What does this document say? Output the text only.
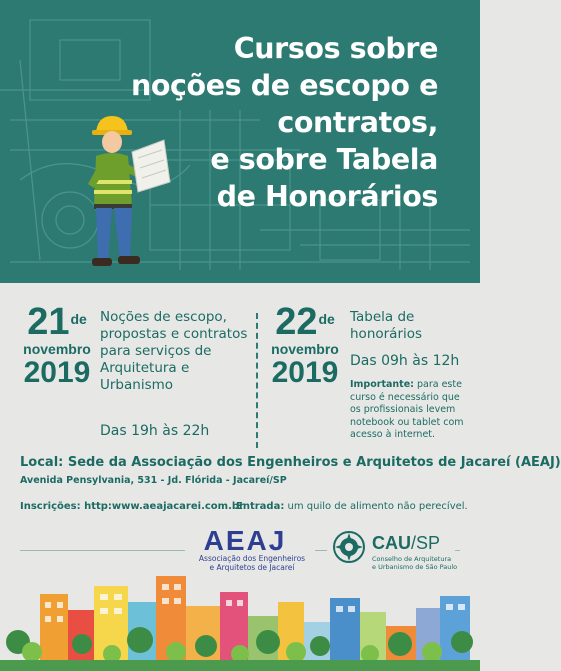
Cursos sobre
noções de escopo e
contratos,
e sobre Tabela
de Honorários
21de
novembro
2019
Noções de escopo,
propostas e contratos
para serviços de
Arquitetura e
Urbanismo
Das 19h às 22h
22de
novembro
2019
Tabela de
honorários
Das 09h às 12h
Importante: para este curso é necessário que os profissionais levem notebook ou tablet com acesso à internet.
Local: Sede da Associação dos Engenheiros e Arquitetos de Jacareí (AEAJ)
Avenida Pensylvania, 531 - Jd. Flórida - Jacareí/SP
Inscrições: http:www.aeajacarei.com.br
Entrada: um quilo de alimento não perecível.
AEAJ
Associação dos Engenheiros
e Arquitetos de Jacareí
CAU/SP
Conselho de Arquitetura
e Urbanismo de São Paulo
